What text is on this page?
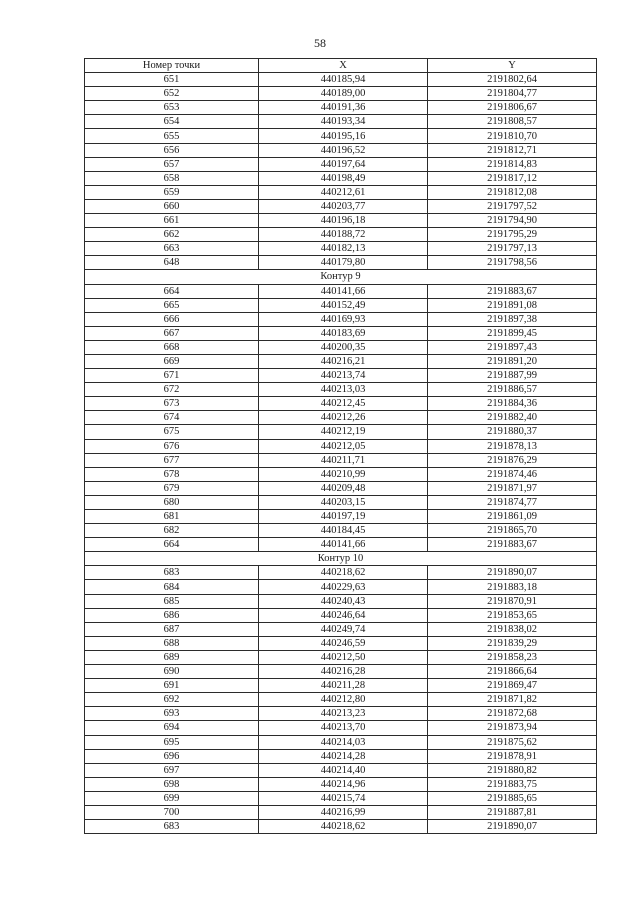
58
Номер точки	X	Y
651	440185,94	2191802,64
652	440189,00	2191804,77
653	440191,36	2191806,67
654	440193,34	2191808,57
655	440195,16	2191810,70
656	440196,52	2191812,71
657	440197,64	2191814,83
658	440198,49	2191817,12
659	440212,61	2191812,08
660	440203,77	2191797,52
661	440196,18	2191794,90
662	440188,72	2191795,29
663	440182,13	2191797,13
648	440179,80	2191798,56
Контур 9		
664	440141,66	2191883,67
665	440152,49	2191891,08
666	440169,93	2191897,38
667	440183,69	2191899,45
668	440200,35	2191897,43
669	440216,21	2191891,20
671	440213,74	2191887,99
672	440213,03	2191886,57
673	440212,45	2191884,36
674	440212,26	2191882,40
675	440212,19	2191880,37
676	440212,05	2191878,13
677	440211,71	2191876,29
678	440210,99	2191874,46
679	440209,48	2191871,97
680	440203,15	2191874,77
681	440197,19	2191861,09
682	440184,45	2191865,70
664	440141,66	2191883,67
Контур 10		
683	440218,62	2191890,07
684	440229,63	2191883,18
685	440240,43	2191870,91
686	440246,64	2191853,65
687	440249,74	2191838,02
688	440246,59	2191839,29
689	440212,50	2191858,23
690	440216,28	2191866,64
691	440211,28	2191869,47
692	440212,80	2191871,82
693	440213,23	2191872,68
694	440213,70	2191873,94
695	440214,03	2191875,62
696	440214,28	2191878,91
697	440214,40	2191880,82
698	440214,96	2191883,75
699	440215,74	2191885,65
700	440216,99	2191887,81
683	440218,62	2191890,07
